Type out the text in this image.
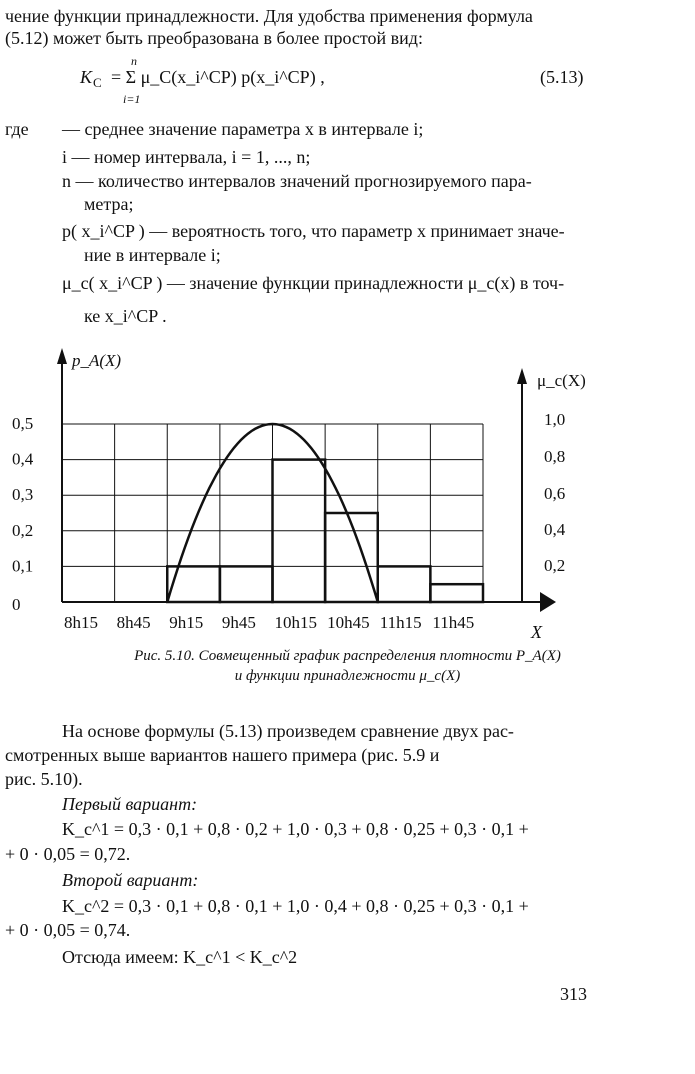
чение функции принадлежности. Для удобства применения формула
(5.12) может быть преобразована в более простой вид:
K С = Σ μ_C(x_i^CP) p(x_i^CP) ,
n
i=1
(5.13)
где — среднее значение параметра x в интервале i;
i — номер интервала, i = 1, ..., n;
n — количество интервалов значений прогнозируемого пара-
метра;
p( x_i^CP ) — вероятность того, что параметр x принимает значе-
ние в интервале i;
μ_c( x_i^CP ) — значение функции принадлежности μ_c(x) в точ-
ке x_i^CP .
0
0,1
0,2
0,3
0,4
0,5
0,2
0,4
0,6
0,8
1,0
8h15 8h45 9h15 9h45 10h15 10h45 11h15 11h45
p_A(X)
μ_c(X)
X
Рис. 5.10. Совмещенный график распределения плотности P_A(X)
и функции принадлежности μ_c(X)
На основе формулы (5.13) произведем сравнение двух рас-
смотренных выше вариантов нашего примера (рис. 5.9 и
рис. 5.10).
Первый вариант:
K_c^1 = 0,3 · 0,1 + 0,8 · 0,2 + 1,0 · 0,3 + 0,8 · 0,25 + 0,3 · 0,1 +
+ 0 · 0,05 = 0,72.
Второй вариант:
K_c^2 = 0,3 · 0,1 + 0,8 · 0,1 + 1,0 · 0,4 + 0,8 · 0,25 + 0,3 · 0,1 +
+ 0 · 0,05 = 0,74.
Отсюда имеем: K_c^1 < K_c^2
313
